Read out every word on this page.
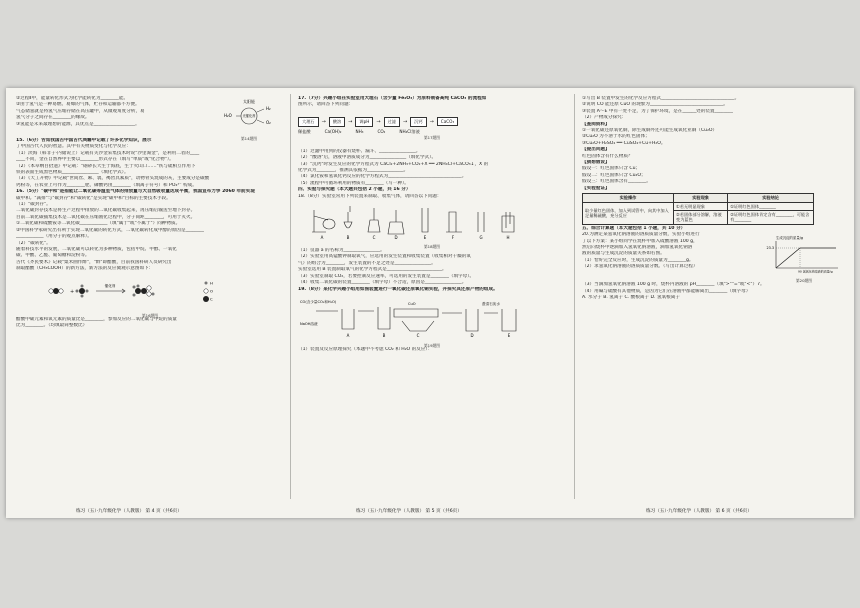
②过程Ⅱ中，能量转化形式为化学能转化为________能。
②由于氢气是一种易燃、易爆的气体，贮存和运输都不方便。
气态储氢就是将氢气压缩存储在高压罐中，从微观角度分析，易
氢气分子之间存在________的缘故。
③氢能是未来最理想的能源，其优点是__________________。
太阳能
光催化剂
H₂O
H₂
O₂
第14题图
15.（6分）告知我国古中国古代典籍中记载了许多化学知识，展示
了中国古代人民的智慧。其中有关物质变化与化学反应：
（1）淡海（韩非子·内储说上）记载有关沙金采集技术时说"沙里淘金"，是利用二者的____
____不同，金在自然界中主要以________形式存在（填写"单质"或"化合物"）。
（2）（本草纲目拾遗》中记载："硇砂长大生于海底，生于火山口……"铁与硫相互作用下
铁的表面生成黑色物质________________（填化学式）。
（3）《天工开物》中记载"世间丝、麻、裘、褐皆具素质"，动物骨头烧成的灰，主要成分是碳酸
钙粉等，在农业上可作为________肥，磷酸钙由________（填离子符号）和 PO₄³⁻ 构成。
16.（5分）"碳中和"是指能让二氧化碳等温室气体的排放量与大自然吸收量达成平衡，我国宣布力争 2060 年前实现
碳中和。"减排"与"碳封存"和"碳转化"是实现"碳中和"目标的主要技术手段。
（1）"碳封存"。
二氧化碳封存技术是将生产过程中排放的二氧化碳收集起来，再压缩后输送至地下封存。
目前二氧化碳捕集技术是二氧化碳在压缩液化过程中，分子间距________，可用于灭火。
①二氧化碳和硫酸铵等二氧化碳____________（填"属于"或"不属于"）同种物质。
②中国科学家研究出有利于实现二氧化碳的转化方式，二氧化碳转化成甲醇的原因是________
____________（用分子的观点解释）。
（2）"碳转化"。
随着科技水平的发展，二氧化碳可以转化为多种物质，包括甲烷、甲醇、一氧化
碳、甲酸、乙醛、葡萄糖和淀粉等。
古代《齐民要术》记载"粟米曲作酢"，"酢"即醋酸，目前我国科研人员研究出
制取醋酸（CH₃COOH）的新方法，新方法的反应微观示意图如下：
+
催化剂
H
O
C
第16题图
醋酸中碳元素和氧元素的质量比是________，参加反应的二氧化碳与甲烷的质量
比为________。（均填最简整数比）
练习（五）·九年级化学（人教版） 第 4 页（共6页）
17.（7分）兴趣小组在实验室用大理石（含少量 Fe₂O₃）为原料制备高纯 CaCO₃ 的流程如
图所示，请回答下列问题：
大理石	→	酸溶	→	调pH	→	过滤	→	沉钙	→	CaCO₃
稀盐酸	Ca(OH)₂	NH₃	CO₂	NH₄Cl溶液
第17题图
（1）过滤中用到的仪器有烧杯、漏斗、________________。
（2）"酸溶"后，溶液中溶质成分为________________（填化学式）。
（3）"沉钙"时发生反应的化学方程式为 CaCl₂+2NH₃+CO₂+X ══ 2NH₄Cl+CaCO₃↓，X 的
化学式为________，推测其依据为________________。
（4）氯化铵和氢氧化钙反应的化学方程式为________________________________。
（5）流程中可循环利用的物质有________（写一种）。
四、实验与探究题（本大题共包括 2 小题，共 16 分）
18.（8分）实验室常用下列装置来制取、收集气体，请回答以下问题：
A	B	C	D	E	F	G	H
第18题图
（1）仪器 a 的名称为________________。
（2）实验室用高锰酸钾制取氧气，应选用的发生装置和收集装置（收集相对干燥的氧
气）的组合为________，发生装置的不足之处是________________。
实验室选用 B 装置制取氧气的化学方程式是________________________。
（3）实验室制取 CO₂，若要控制反应速率，可选用的发生装置是________（填字母）。
（4）收集二氧化碳的装置________（填字母）不合适，原因是________________。
19.（8分）某化学兴趣小组用如图装置进行一氧化碳还原氧化铜实验，并探究其还原产物的组成。
CO(含少量CO₂和H₂O)
NaOH溶液
CuO	澄清石灰水
A	B	C	D	E
第19题图
（1）装置及反应原理探究（本题中不考虑 CO₂ 和 H₂O 的反应）：
练习（五）·九年级化学（人教版） 第 5 页（共6页）
①写出 B 装置中发生的化学反应方程式________________________________。
②说明 CO 能还原 CuO 的现象为________________________________。
③装置 A～E 中有一处不足，为了保护环境，是在______处的装置________
（2）产物成分探究：
【查阅资料】
①一氧化碳还原氧化铜，除生成铜外还可能生成氧化亚铜（Cu₂O）
②Cu₂O 为不溶于水的红色固体；
③Cu₂O+H₂SO₄ ══ CuSO₄+Cu+H₂O。
【提出问题】
红色固体含有什么物质？
【猜想假设】
假设一：红色固体只含 Cu；
假设二：红色固体只含 Cu₂O；
假设三：红色固体含有________。
【实验验证】
实验操作	实验现象	实验结论
取少量红色固体，加入到试管中，向其中加入足量稀硫酸，充分反应	①若无明显现象	①证明红色固体________
	②若固体部分溶解，溶液变为蓝色	②证明红色固体肯定含有________，可能含有________
五、综合计算题（本大题包括 1 小题，共 10 分）
20.为测定某氢氧化钠溶液的溶质质量分数，实验小组进行
了以下方案：某小组同学在烧杯中加入硫酸溶液 100 g，
然后向烧杯中逐滴加入氢氧化钠溶液，滴加氢氧化钠溶
液的质量与生成沉淀的质量关系如右图。
（1）恰好完全反应时，生成沉淀的质量为________g。
（2）求氢氧化钠溶液的溶质质量分数。（写出计算过程）
生成沉淀的质量/g
23.3
90 氢氧化钠溶液的质量/g
第20题图
（3）当滴加氢氧化钠溶液 100 g 时，烧杯内溶液的 pH________（填">""="或"<"）7。
（4）用碱与硫酸有其他物质，是因为它们在溶液中都能解离出________（填字母）
A. 水分子 B. 氢离子 C. 酸根离子 D. 氢氧根离子
练习（五）·九年级化学（人教版） 第 6 页（共6页）
